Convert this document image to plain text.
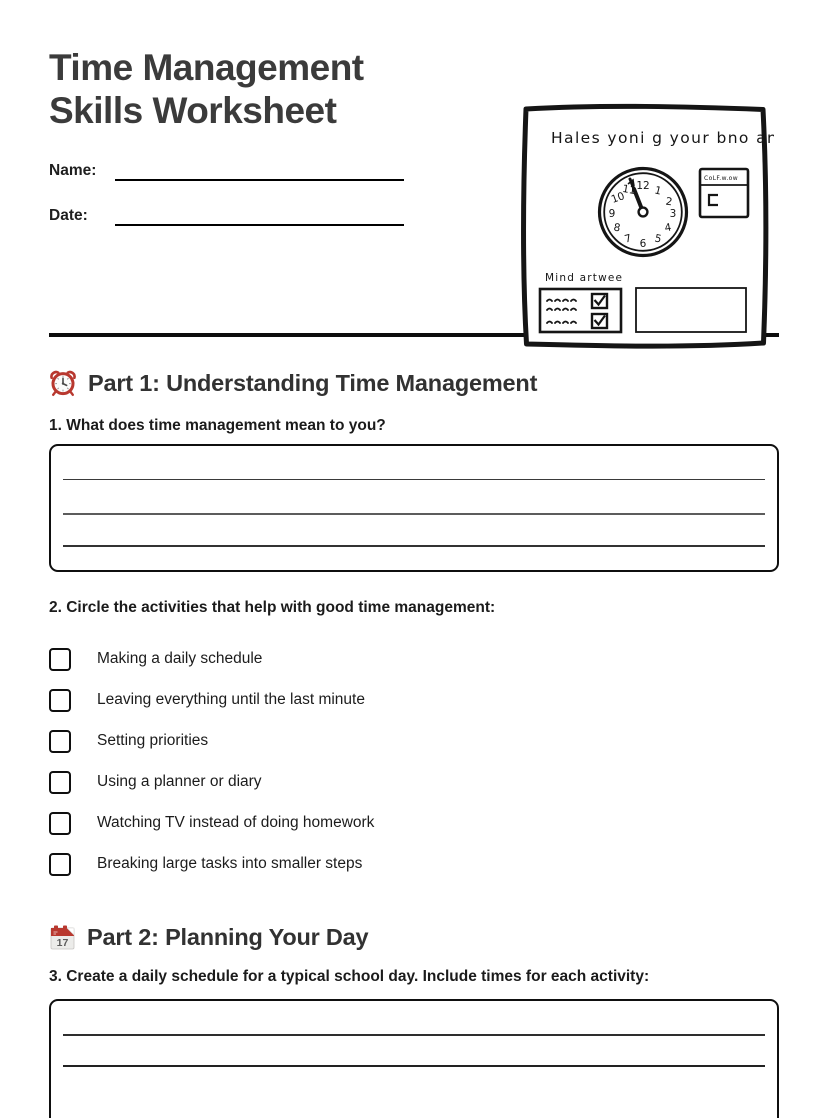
Hales yoni g your bno ank:
12 1
2
3
4
5
6
7
8
9
10
11
CoLF.w.ow
Mind artwee
Time Management
Skills Worksheet
Name:
Date:
Part 1: Understanding Time Management
1. What does time management mean to you?
2. Circle the activities that help with good time management:
Making a daily schedule
Leaving everything until the last minute
Setting priorities
Using a planner or diary
Watching TV instead of doing homework
Breaking large tasks into smaller steps
17 Part 2: Planning Your Day
3. Create a daily schedule for a typical school day. Include times for each activity:
